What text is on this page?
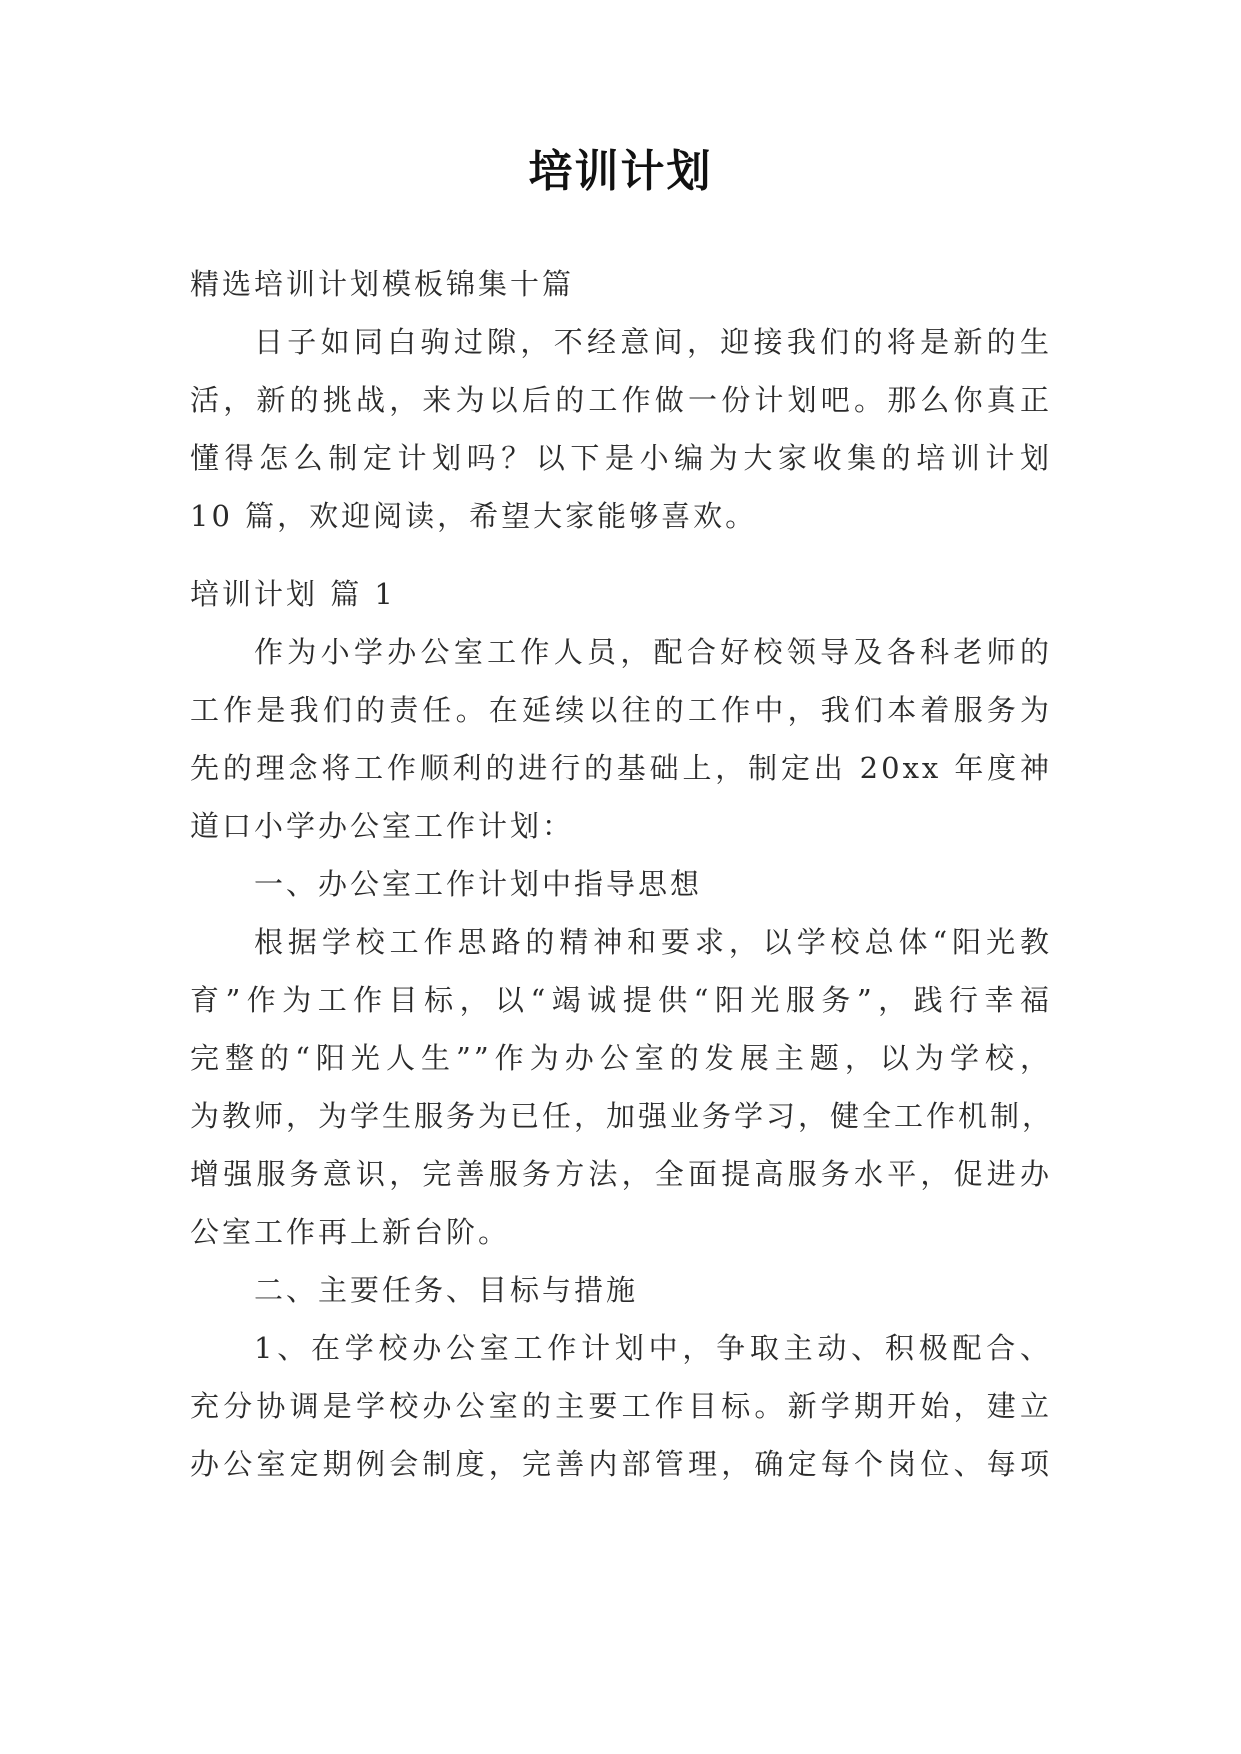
培训计划
精选培训计划模板锦集十篇
日子如同白驹过隙，不经意间，迎接我们的将是新的生
活，新的挑战，来为以后的工作做一份计划吧。那么你真正
懂得怎么制定计划吗？以下是小编为大家收集的培训计划
10 篇，欢迎阅读，希望大家能够喜欢。
培训计划 篇 1
作为小学办公室工作人员，配合好校领导及各科老师的
工作是我们的责任。在延续以往的工作中，我们本着服务为
先的理念将工作顺利的进行的基础上，制定出 20xx 年度神
道口小学办公室工作计划：
一、办公室工作计划中指导思想
根据学校工作思路的精神和要求，以学校总体“阳光教
育”作为工作目标，以“竭诚提供“阳光服务”，践行幸福
完整的“阳光人生””作为办公室的发展主题，以为学校，
为教师，为学生服务为已任，加强业务学习，健全工作机制，
增强服务意识，完善服务方法，全面提高服务水平，促进办
公室工作再上新台阶。
二、主要任务、目标与措施
1、在学校办公室工作计划中，争取主动、积极配合、
充分协调是学校办公室的主要工作目标。新学期开始，建立
办公室定期例会制度，完善内部管理，确定每个岗位、每项
